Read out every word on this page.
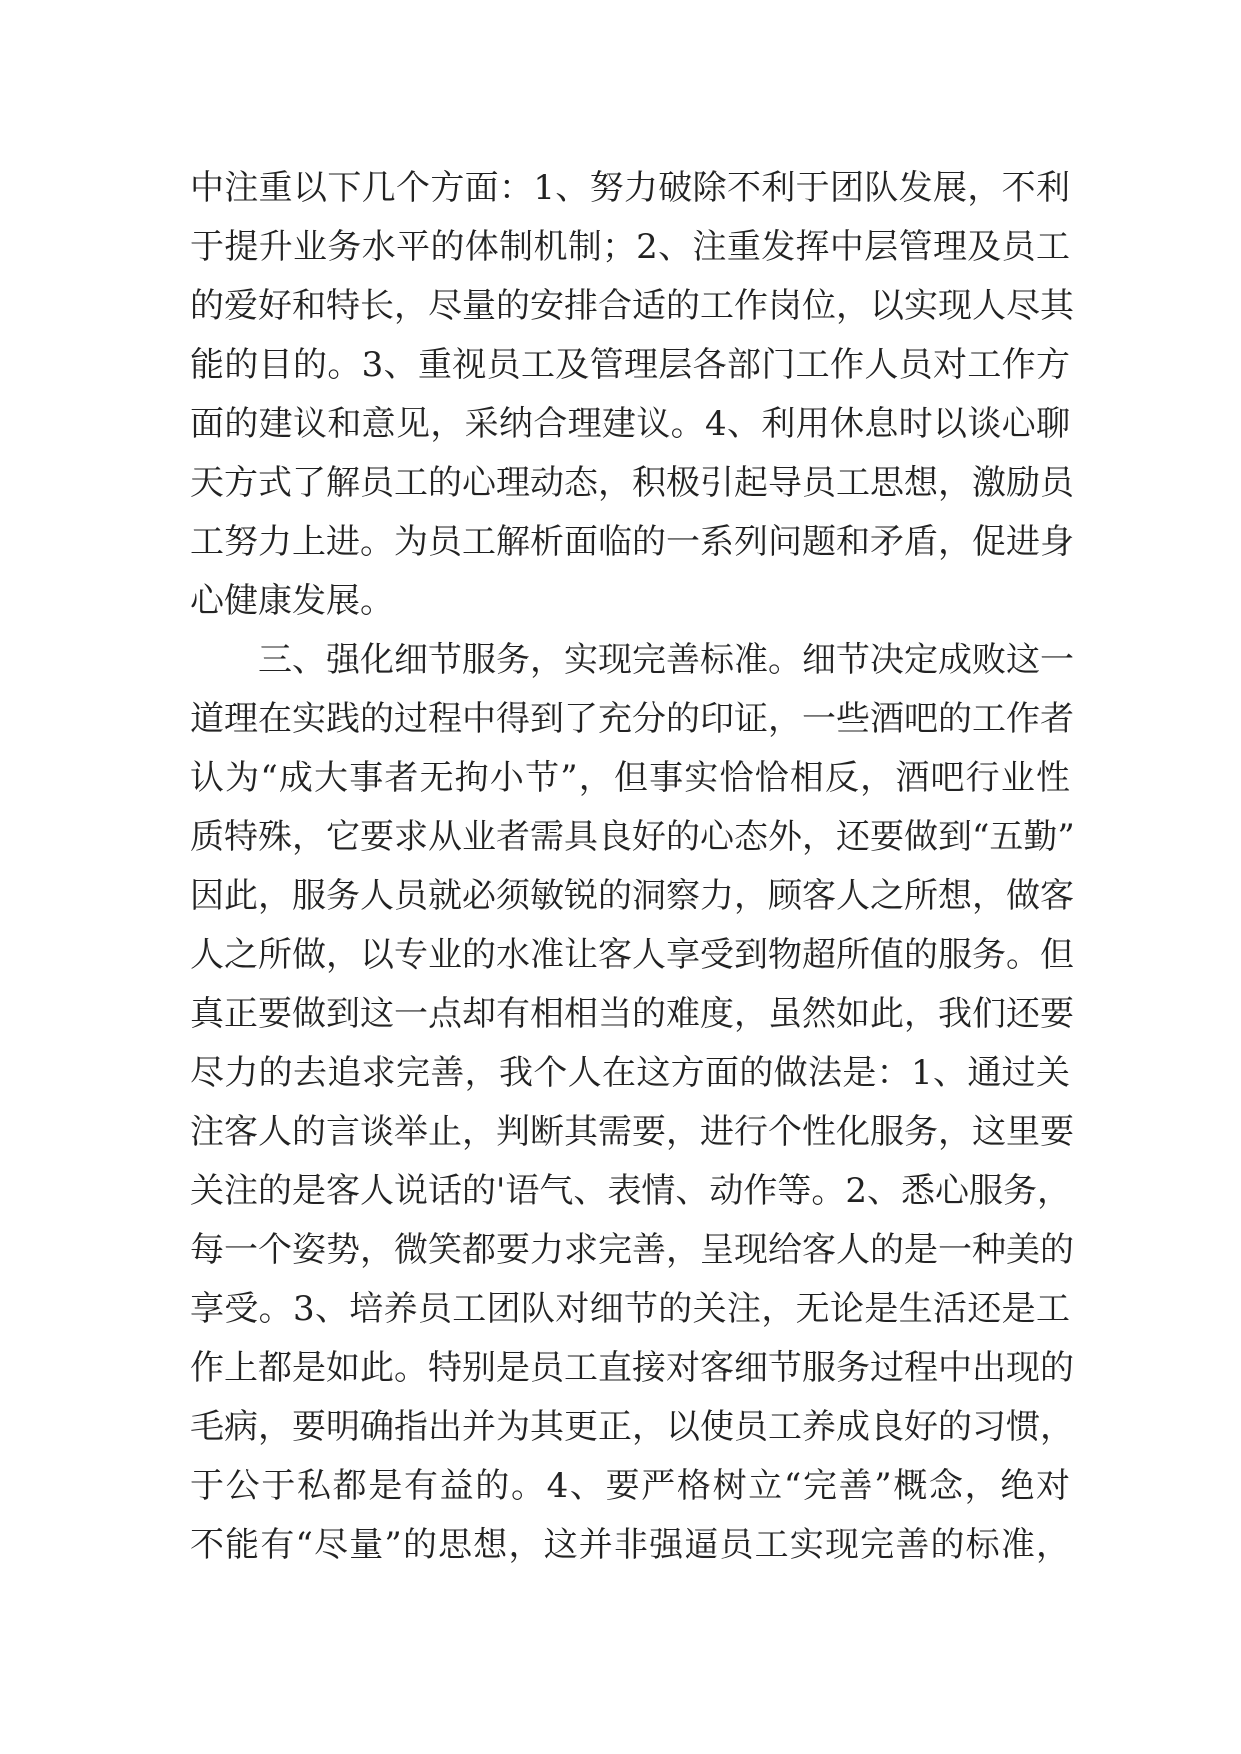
中注重以下几个方面：1、努力破除不利于团队发展，不利
于提升业务水平的体制机制；2、注重发挥中层管理及员工
的爱好和特长，尽量的安排合适的工作岗位，以实现人尽其
能的目的。3、重视员工及管理层各部门工作人员对工作方
面的建议和意见，采纳合理建议。4、利用休息时以谈心聊
天方式了解员工的心理动态，积极引起导员工思想，激励员
工努力上进。为员工解析面临的一系列问题和矛盾，促进身
心健康发展。
三、强化细节服务，实现完善标准。细节决定成败这一
道理在实践的过程中得到了充分的印证，一些酒吧的工作者
认为“成大事者无拘小节”，但事实恰恰相反，酒吧行业性
质特殊，它要求从业者需具良好的心态外，还要做到“五勤”
因此，服务人员就必须敏锐的洞察力，顾客人之所想，做客
人之所做，以专业的水准让客人享受到物超所值的服务。但
真正要做到这一点却有相相当的难度，虽然如此，我们还要
尽力的去追求完善，我个人在这方面的做法是：1、通过关
注客人的言谈举止，判断其需要，进行个性化服务，这里要
关注的是客人说话的'语气、表情、动作等。2、悉心服务，
每一个姿势，微笑都要力求完善，呈现给客人的是一种美的
享受。3、培养员工团队对细节的关注，无论是生活还是工
作上都是如此。特别是员工直接对客细节服务过程中出现的
毛病，要明确指出并为其更正，以使员工养成良好的习惯，
于公于私都是有益的。4、要严格树立“完善”概念，绝对
不能有“尽量”的思想，这并非强逼员工实现完善的标准，
